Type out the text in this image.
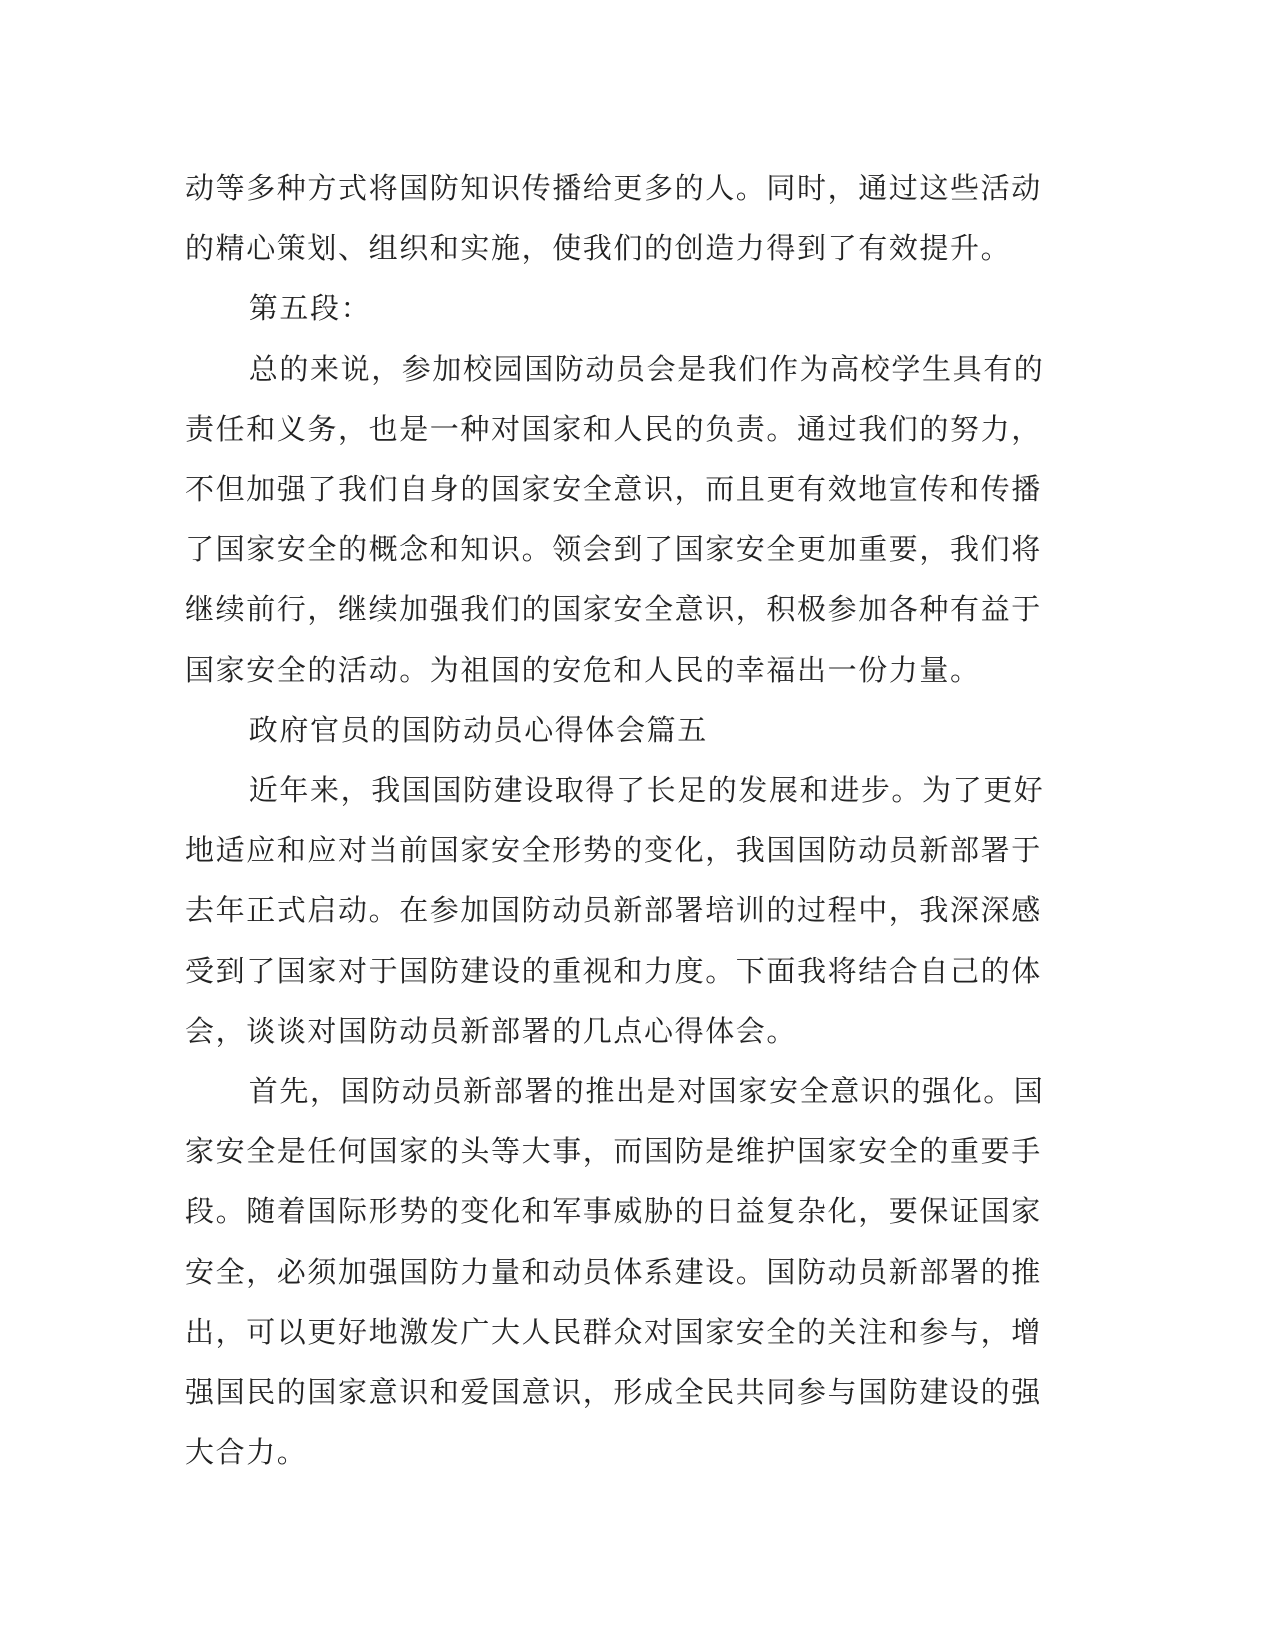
动等多种方式将国防知识传播给更多的人。同时，通过这些活动的精心策划、组织和实施，使我们的创造力得到了有效提升。

第五段：

总的来说，参加校园国防动员会是我们作为高校学生具有的责任和义务，也是一种对国家和人民的负责。通过我们的努力，不但加强了我们自身的国家安全意识，而且更有效地宣传和传播了国家安全的概念和知识。领会到了国家安全更加重要，我们将继续前行，继续加强我们的国家安全意识，积极参加各种有益于国家安全的活动。为祖国的安危和人民的幸福出一份力量。

政府官员的国防动员心得体会篇五

近年来，我国国防建设取得了长足的发展和进步。为了更好地适应和应对当前国家安全形势的变化，我国国防动员新部署于去年正式启动。在参加国防动员新部署培训的过程中，我深深感受到了国家对于国防建设的重视和力度。下面我将结合自己的体会，谈谈对国防动员新部署的几点心得体会。

首先，国防动员新部署的推出是对国家安全意识的强化。国家安全是任何国家的头等大事，而国防是维护国家安全的重要手段。随着国际形势的变化和军事威胁的日益复杂化，要保证国家安全，必须加强国防力量和动员体系建设。国防动员新部署的推出，可以更好地激发广大人民群众对国家安全的关注和参与，增强国民的国家意识和爱国意识，形成全民共同参与国防建设的强大合力。
